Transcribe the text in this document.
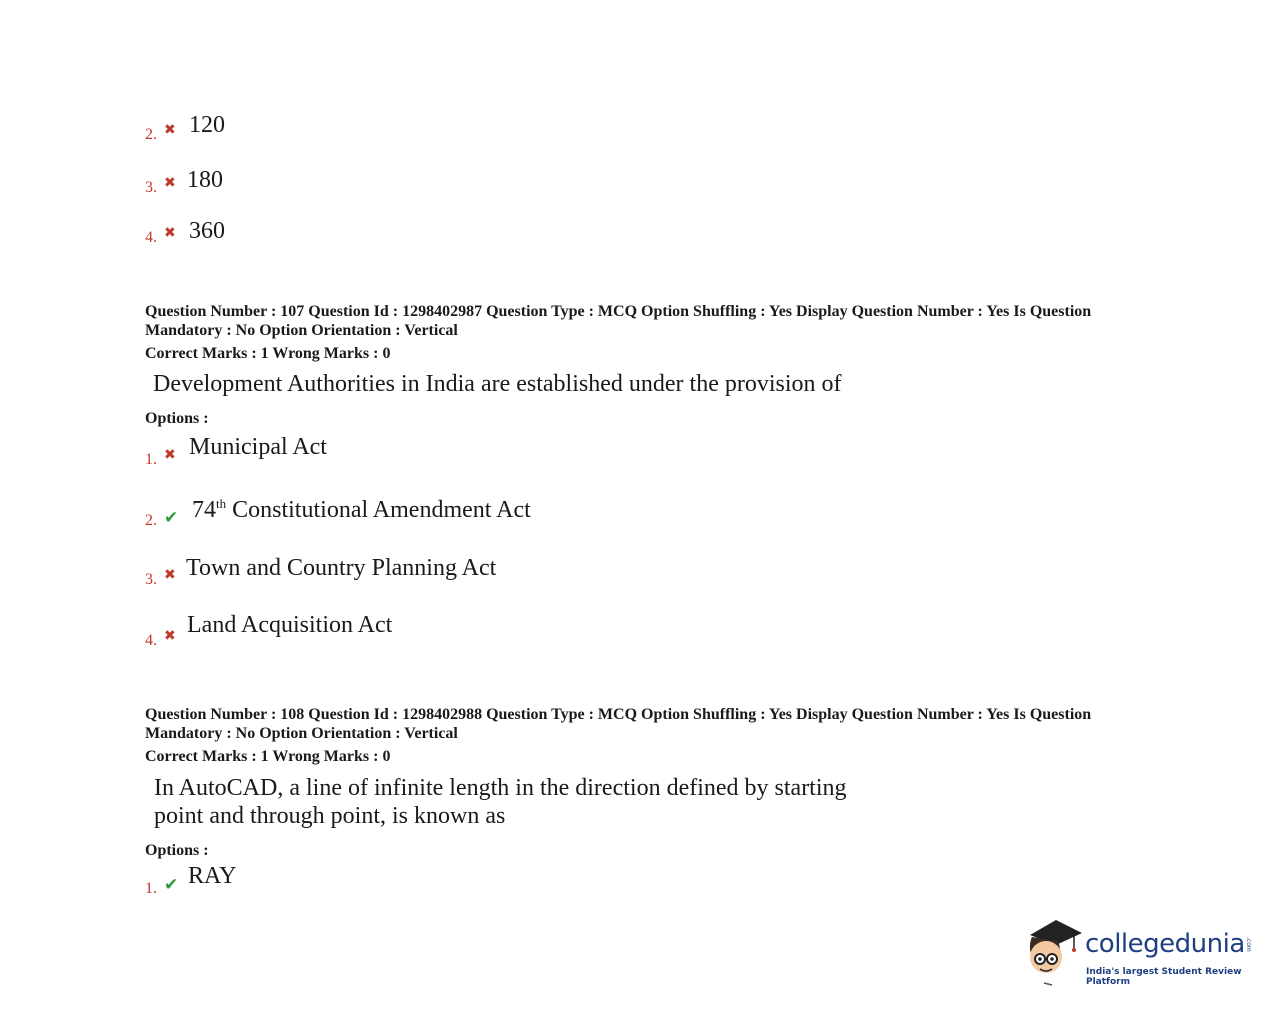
2. ✖ 120
3. ✖ 180
4. ✖ 360
Question Number : 107 Question Id : 1298402987 Question Type : MCQ Option Shuffling : Yes Display Question Number : Yes Is Question Mandatory : No Option Orientation : Vertical
Correct Marks : 1 Wrong Marks : 0
Development Authorities in India are established under the provision of
Options :
1. ✖ Municipal Act
2. ✔ 74th Constitutional Amendment Act
3. ✖ Town and Country Planning Act
4. ✖ Land Acquisition Act
Question Number : 108 Question Id : 1298402988 Question Type : MCQ Option Shuffling : Yes Display Question Number : Yes Is Question Mandatory : No Option Orientation : Vertical
Correct Marks : 1 Wrong Marks : 0
In AutoCAD, a line of infinite length in the direction defined by starting
point and through point, is known as
Options :
1. ✔ RAY
collegedunia .com
India's largest Student Review Platform
